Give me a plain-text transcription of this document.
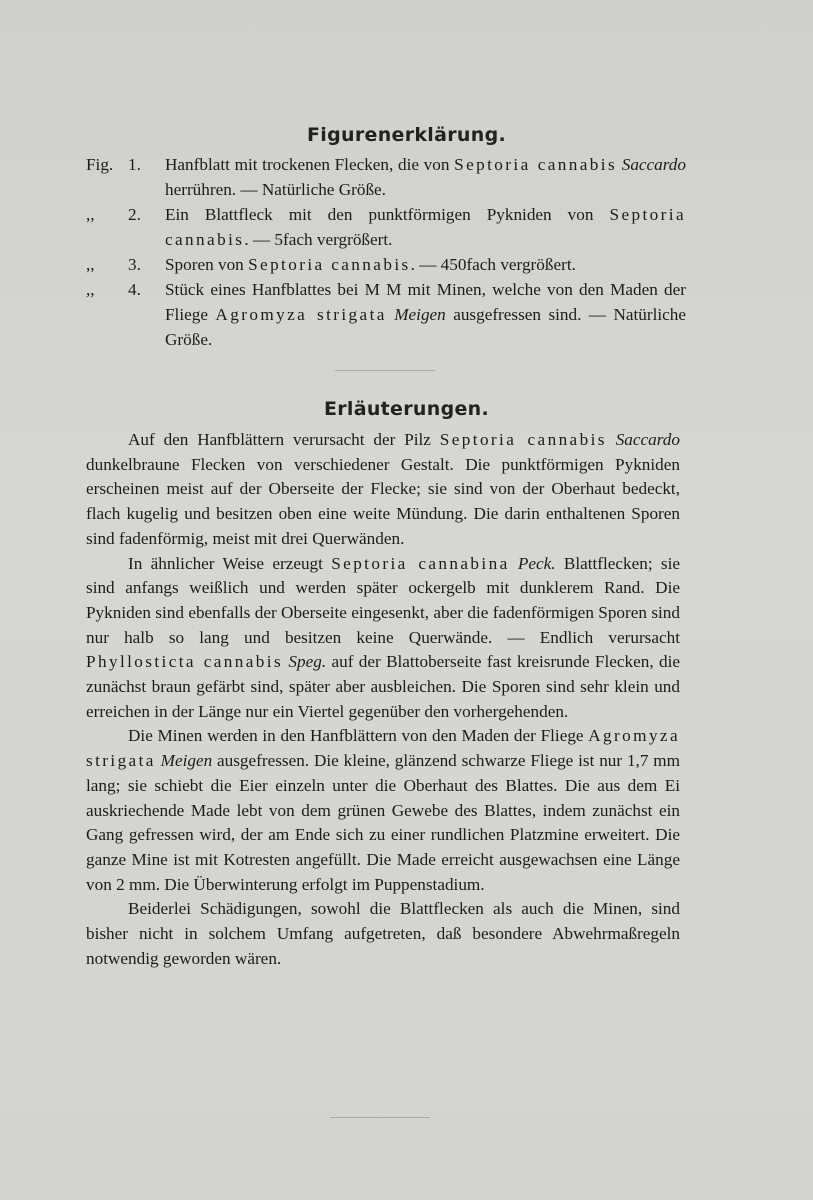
Figurenerklärung.
Fig. 1.	Hanfblatt mit trockenen Flecken, die von Septoria cannabis Saccardo herrühren. — Natürliche Größe.
,, 2.	Ein Blattfleck mit den punktförmigen Pykniden von Septoria cannabis. — 5fach vergrößert.
,, 3.	Sporen von Septoria cannabis. — 450fach vergrößert.
,, 4.	Stück eines Hanfblattes bei M M mit Minen, welche von den Maden der Fliege Agromyza strigata Meigen ausgefressen sind. — Natürliche Größe.
Erläuterungen.

Auf den Hanfblättern verursacht der Pilz Septoria cannabis Saccardo dunkelbraune Flecken von verschiedener Gestalt. Die punktförmigen Pykniden erscheinen meist auf der Oberseite der Flecke; sie sind von der Oberhaut bedeckt, flach kugelig und besitzen oben eine weite Mündung. Die darin enthaltenen Sporen sind fadenförmig, meist mit drei Querwänden.

In ähnlicher Weise erzeugt Septoria cannabina Peck. Blattflecken; sie sind anfangs weißlich und werden später ockergelb mit dunklerem Rand. Die Pykniden sind ebenfalls der Oberseite eingesenkt, aber die fadenförmigen Sporen sind nur halb so lang und besitzen keine Querwände. — Endlich verursacht Phyllosticta cannabis Speg. auf der Blattoberseite fast kreisrunde Flecken, die zunächst braun gefärbt sind, später aber ausbleichen. Die Sporen sind sehr klein und erreichen in der Länge nur ein Viertel gegenüber den vorhergehenden.

Die Minen werden in den Hanfblättern von den Maden der Fliege Agromyza strigata Meigen ausgefressen. Die kleine, glänzend schwarze Fliege ist nur 1,7 mm lang; sie schiebt die Eier einzeln unter die Oberhaut des Blattes. Die aus dem Ei auskriechende Made lebt von dem grünen Gewebe des Blattes, indem zunächst ein Gang gefressen wird, der am Ende sich zu einer rundlichen Platzmine erweitert. Die ganze Mine ist mit Kotresten angefüllt. Die Made erreicht ausgewachsen eine Länge von 2 mm. Die Überwinterung erfolgt im Puppenstadium.

Beiderlei Schädigungen, sowohl die Blattflecken als auch die Minen, sind bisher nicht in solchem Umfang aufgetreten, daß besondere Abwehrmaßregeln notwendig geworden wären.
